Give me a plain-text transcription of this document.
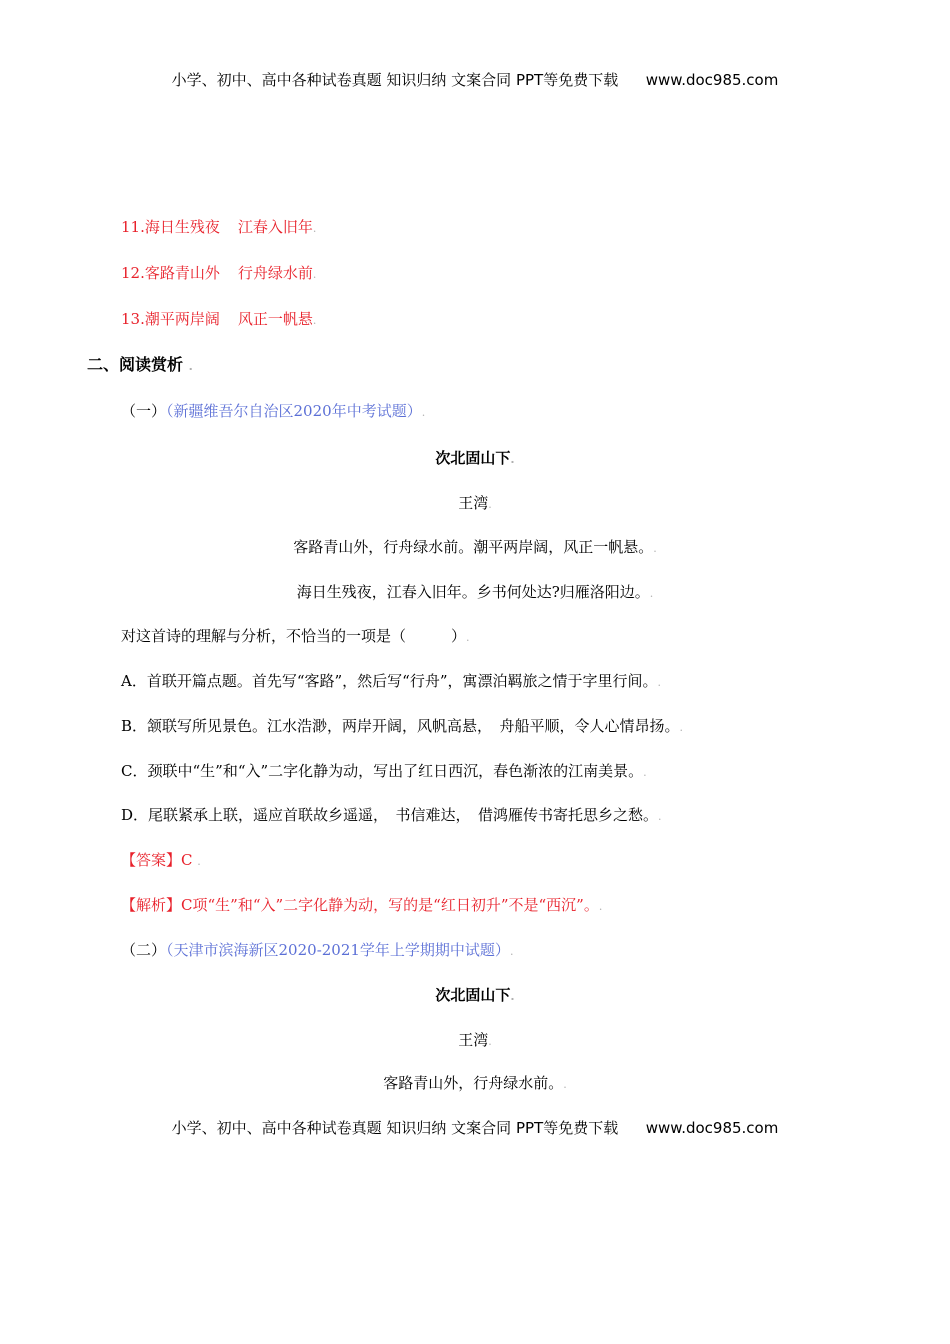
小学、初中、高中各种试卷真题 知识归纳 文案合同 PPT等免费下载 www.doc985.com
11.海日生残夜 江春入旧年.
12.客路青山外 行舟绿水前.
13.潮平两岸阔 风正一帆悬.
二、阅读赏析 .
（一）（新疆维吾尔自治区2020年中考试题）.
次北固山下.
王湾.
客路青山外，行舟绿水前。潮平两岸阔，风正一帆悬。.
海日生残夜，江春入旧年。乡书何处达?归雁洛阳边。.
对这首诗的理解与分析，不恰当的一项是（　　　）.
A．首联开篇点题。首先写“客路”，然后写“行舟”，寓漂泊羁旅之情于字里行间。.
B．颔联写所见景色。江水浩渺，两岸开阔，风帆高悬，　舟船平顺，令人心情昂扬。.
C．颈联中“生”和“入”二字化静为动，写出了红日西沉，春色渐浓的江南美景。.
D．尾联紧承上联，遥应首联故乡遥遥，　书信难达，　借鸿雁传书寄托思乡之愁。.
【答案】C .
【解析】C项“生”和“入”二字化静为动，写的是“红日初升”不是“西沉”。.
（二）（天津市滨海新区2020-2021学年上学期期中试题）.
次北固山下.
王湾.
客路青山外，行舟绿水前。.
小学、初中、高中各种试卷真题 知识归纳 文案合同 PPT等免费下载 www.doc985.com
